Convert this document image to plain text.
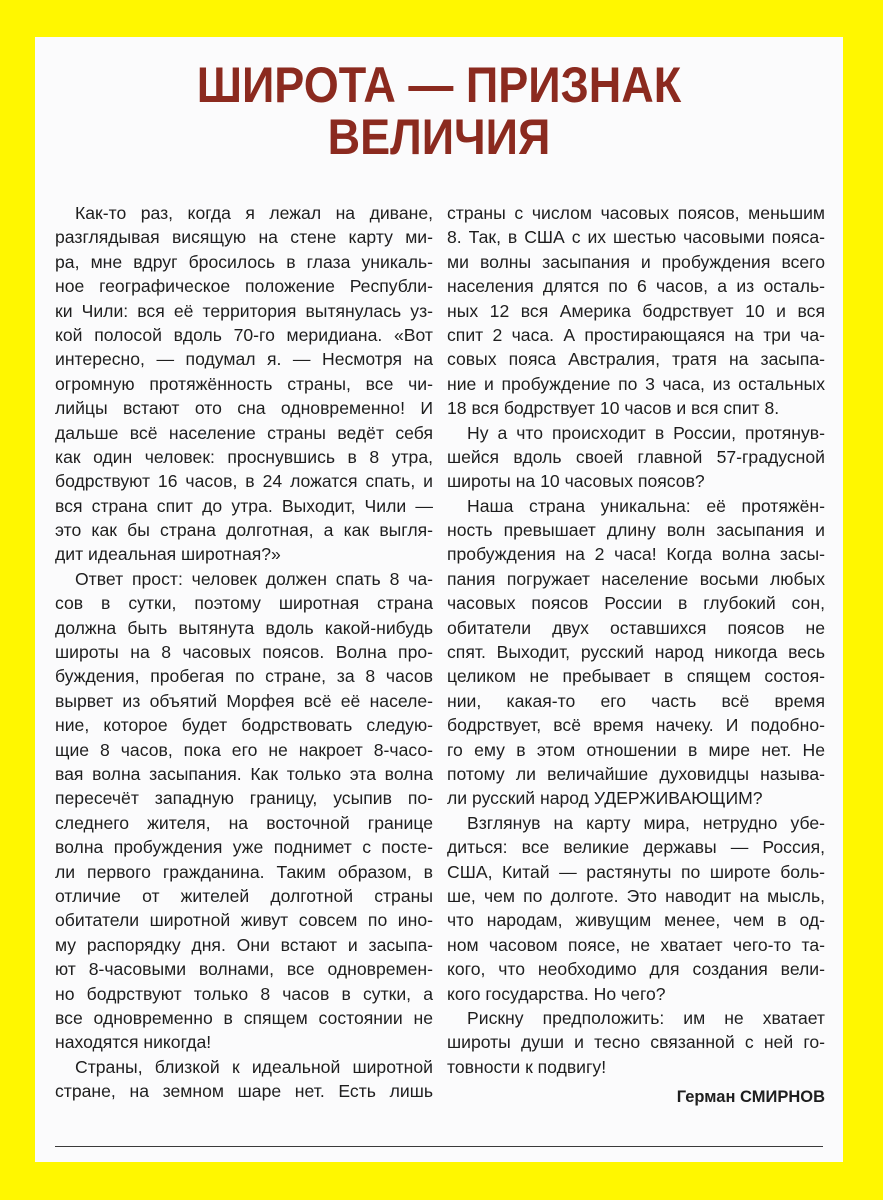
ШИРОТА — ПРИЗНАК
ВЕЛИЧИЯ
Как-то раз, когда я лежал на диване,
разглядывая висящую на стене карту ми-
ра, мне вдруг бросилось в глаза уникаль-
ное географическое положение Республи-
ки Чили: вся её территория вытянулась уз-
кой полосой вдоль 70-го меридиана. «Вот
интересно, — подумал я. — Несмотря на
огромную протяжённость страны, все чи-
лийцы встают ото сна одновременно! И
дальше всё население страны ведёт себя
как один человек: проснувшись в 8 утра,
бодрствуют 16 часов, в 24 ложатся спать, и
вся страна спит до утра. Выходит, Чили —
это как бы страна долготная, а как выгля-
дит идеальная широтная?»
Ответ прост: человек должен спать 8 ча-
сов в сутки, поэтому широтная страна
должна быть вытянута вдоль какой-нибудь
широты на 8 часовых поясов. Волна про-
буждения, пробегая по стране, за 8 часов
вырвет из объятий Морфея всё её населе-
ние, которое будет бодрствовать следую-
щие 8 часов, пока его не накроет 8-часо-
вая волна засыпания. Как только эта волна
пересечёт западную границу, усыпив по-
следнего жителя, на восточной границе
волна пробуждения уже поднимет с посте-
ли первого гражданина. Таким образом, в
отличие от жителей долготной страны
обитатели широтной живут совсем по ино-
му распорядку дня. Они встают и засыпа-
ют 8-часовыми волнами, все одновремен-
но бодрствуют только 8 часов в сутки, а
все одновременно в спящем состоянии не
находятся никогда!
Страны, близкой к идеальной широтной
стране, на земном шаре нет. Есть лишь
страны с числом часовых поясов, меньшим
8. Так, в США с их шестью часовыми пояса-
ми волны засыпания и пробуждения всего
населения длятся по 6 часов, а из осталь-
ных 12 вся Америка бодрствует 10 и вся
спит 2 часа. А простирающаяся на три ча-
совых пояса Австралия, тратя на засыпа-
ние и пробуждение по 3 часа, из остальных
18 вся бодрствует 10 часов и вся спит 8.
Ну а что происходит в России, протянув-
шейся вдоль своей главной 57-градусной
широты на 10 часовых поясов?
Наша страна уникальна: её протяжён-
ность превышает длину волн засыпания и
пробуждения на 2 часа! Когда волна засы-
пания погружает население восьми любых
часовых поясов России в глубокий сон,
обитатели двух оставшихся поясов не
спят. Выходит, русский народ никогда весь
целиком не пребывает в спящем состоя-
нии, какая-то его часть всё время
бодрствует, всё время начеку. И подобно-
го ему в этом отношении в мире нет. Не
потому ли величайшие духовидцы называ-
ли русский народ УДЕРЖИВАЮЩИМ?
Взглянув на карту мира, нетрудно убе-
диться: все великие державы — Россия,
США, Китай — растянуты по широте боль-
ше, чем по долготе. Это наводит на мысль,
что народам, живущим менее, чем в од-
ном часовом поясе, не хватает чего-то та-
кого, что необходимо для создания вели-
кого государства. Но чего?
Рискну предположить: им не хватает
широты души и тесно связанной с ней го-
товности к подвигу!
Герман СМИРНОВ
